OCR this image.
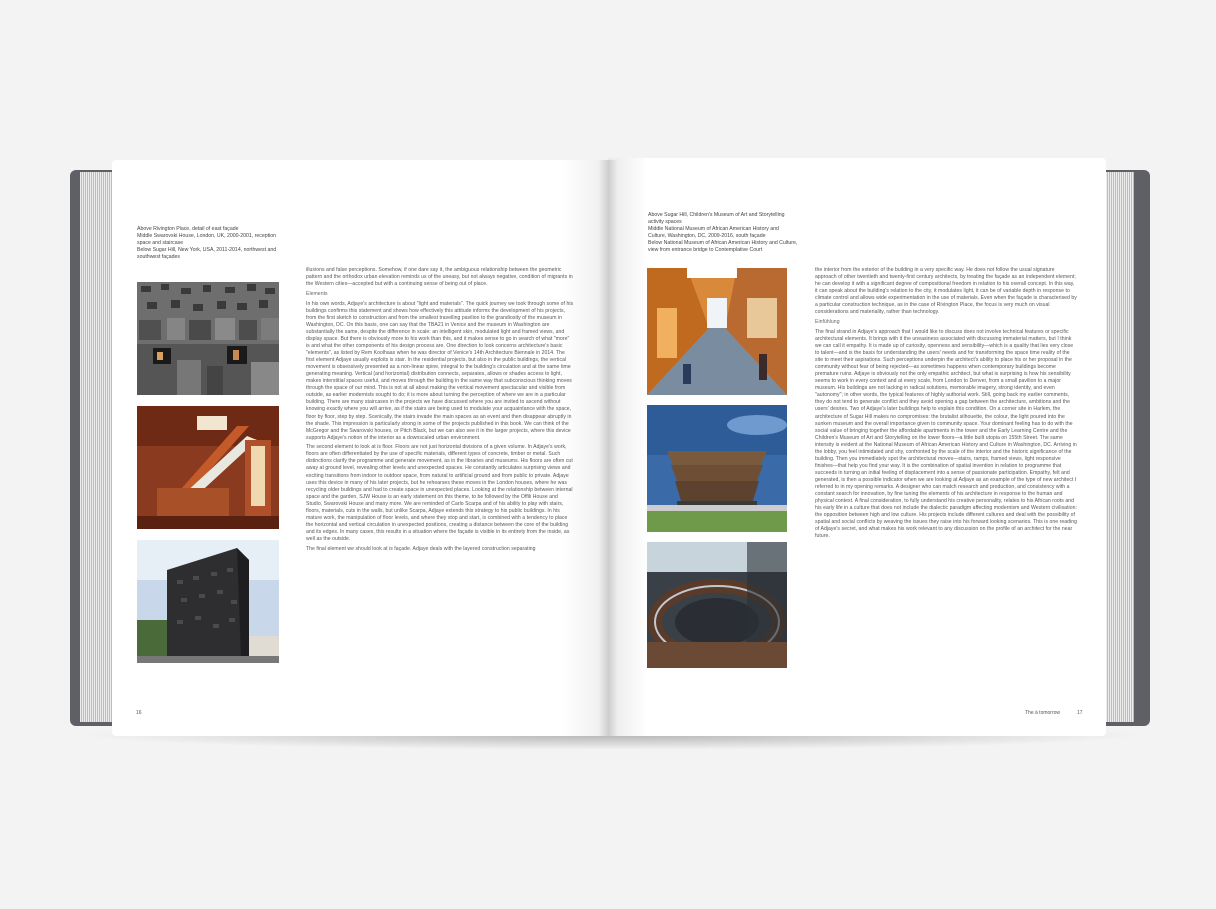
Above Rivington Place, detail of east façade
Middle Swarovski House, London, UK, 2000-2001, reception space and staircase
Below Sugar Hill, New York, USA, 2011-2014, northwest and southwest façades

illusions and false perceptions. Somehow, if one dare say it, the ambiguous relationship between the geometric pattern and the orthodox urban elevation reminds us of the uneasy, but not always negative, condition of migrants in the Western cities—accepted but with a continuing sense of being out of place.

Elements

In his own words, Adjaye's architecture is about "light and materials". The quick journey we took through some of his buildings confirms this statement and shows how effectively this attitude informs the development of his projects, from the first sketch to construction and from the smallest travelling pavilion to the grandiosity of the museum in Washington, DC. On this basis, one can say that the TBA21 in Venice and the museum in Washington are substantially the same, despite the difference in scale: an intelligent skin, modulated light and framed views, and display space. But there is obviously more to his work than this, and it makes sense to go in search of what "more" is and what the other components of his design process are. One direction to look concerns architecture's basic "elements", as listed by Rem Koolhaas when he was director of Venice's 14th Architecture Biennale in 2014. The first element Adjaye usually exploits is stair. In the residential projects, but also in the public buildings, the vertical movement is obsessively presented as a non-linear spine, integral to the building's circulation and at the same time generating meaning. Vertical (and horizontal) distribution connects, separates, allows or shades access to light, makes interstitial spaces useful, and moves through the building in the same way that subconscious thinking moves through the space of our mind. This is not at all about making the vertical movement spectacular and visible from outside, as earlier modernists sought to do; it is more about turning the perception of where we are in a particular building. There are many staircases in the projects we have discussed where you are invited to ascend without knowing exactly where you will arrive, as if the stairs are being used to modulate your acquaintance with the space, floor by floor, step by step. Scenically, the stairs invade the main spaces as an event and then disappear abruptly in the shade. This impression is particularly strong in some of the projects published in this book. We can think of the McGregor and the Swarovski houses, or Pitch Black, but we can also see it in the larger projects, where this device supports Adjaye's notion of the interior as a downscaled urban environment.

The second element to look at is floor. Floors are not just horizontal divisions of a given volume. In Adjaye's work, floors are often differentiated by the use of specific materials, different types of concrete, timber or metal. Such distinctions clarify the programme and generate movement, as in the libraries and museums. His floors are often cut away at ground level, revealing other levels and unexpected spaces. He constantly articulates surprising views and exciting transitions from indoor to outdoor space, from natural to artificial ground and from public to private. Adjaye uses this device in many of his later projects, but he rehearses these moves in the London houses, where he was recycling older buildings and had to create space in unexpected places. Looking at the relationship between internal space and the garden, SJW House is an early statement on this theme, to be followed by the Offili House and Studio, Swarovski House and many more. We are reminded of Carlo Scarpa and of his ability to play with stairs, floors, materials, cuts in the walls, but unlike Scarpa, Adjaye extends this strategy to his public buildings. In his mature work, the manipulation of floor levels, and where they stop and start, is combined with a tendency to place the horizontal and vertical circulation in unexpected positions, creating a distance between the core of the building and its edges. In many cases, this results in a situation where the façade is visible in its entirety from the inside, as well as the outside.

The final element we should look at is façade. Adjaye deals with the layered construction separating

16
Above Sugar Hill, Children's Museum of Art and Storytelling activity spaces
Middle National Museum of African American History and Culture, Washington, DC, 2009-2016, south façade
Below National Museum of African American History and Culture, view from entrance bridge to Contemplative Court

the interior from the exterior of the building in a very specific way. He does not follow the usual signature approach of other twentieth and twenty-first century architects, by treating the façade as an independent element; he can develop it with a significant degree of compositional freedom in relation to his overall concept. In this way, it can speak about the building's relation to the city, it modulates light, it can be of variable depth in response to climate control and allows wide experimentation in the use of materials. Even when the façade is characterised by a particular construction technique, as in the case of Rivington Place, the focus is very much on visual considerations and materiality, rather than technology.

Einfühlung

The final strand in Adjaye's approach that I would like to discuss does not involve technical features or specific architectural elements. It brings with it the uneasiness associated with discussing immaterial matters, but I think we can call it empathy. It is made up of curiosity, openness and sensibility—which is a quality that lies very close to talent—and is the basis for understanding the users' needs and for transforming the space time reality of the site to meet their aspirations. Such perceptions underpin the architect's ability to place his or her proposal in the community without fear of being rejected—as sometimes happens when contemporary buildings become premature ruins. Adjaye is obviously not the only empathic architect, but what is surprising is how his sensibility seems to work in every context and at every scale, from London to Denver, from a small pavilion to a major museum. His buildings are not lacking in radical solutions, memorable imagery, strong identity, and even "autonomy"; in other words, the typical features of highly authorial work. Still, going back my earlier comments, they do not tend to generate conflict and they avoid opening a gap between the architecture, ambitions and the users' desires. Two of Adjaye's later buildings help to explain this condition. On a corner site in Harlem, the architecture of Sugar Hill makes no compromises: the brutalist silhouette, the colour, the light poured into the sunken museum and the overall importance given to community space. Your dominant feeling has to do with the social value of bringing together the affordable apartments in the tower and the Early Learning Centre and the Children's Museum of Art and Storytelling on the lower floors—a little built utopia on 155th Street. The same intensity is evident at the National Museum of African American History and Culture in Washington, DC. Arriving in the lobby, you feel intimidated and shy, confronted by the scale of the interior and the historic significance of the building. Then you immediately spot the architectural moves—stairs, ramps, framed views, light responsive finishes—that help you find your way. It is the combination of spatial invention in relation to programme that succeeds in turning an initial feeling of displacement into a sense of passionate participation. Empathy, felt and generated, is then a possible indicator when we are looking at Adjaye as an example of the type of new architect I referred to in my opening remarks. A designer who can match research and production, and consistency with a constant search for innovation, by fine tuning the elements of his architecture in response to the human and physical context. A final consideration, to fully understand his creative personality, relates to his African roots and his early life in a culture that does not include the dialectic paradigm affecting modernism and Western civilisation: the opposition between high and low culture. His projects include different cultures and deal with the possibility of spatial and social conflicts by weaving the issues they raise into his forward looking scenarios. This is one reading of Adjaye's secret, and what makes his work relevant to any discussion on the profile of an architect for the near future.

The à tomorrow	17
